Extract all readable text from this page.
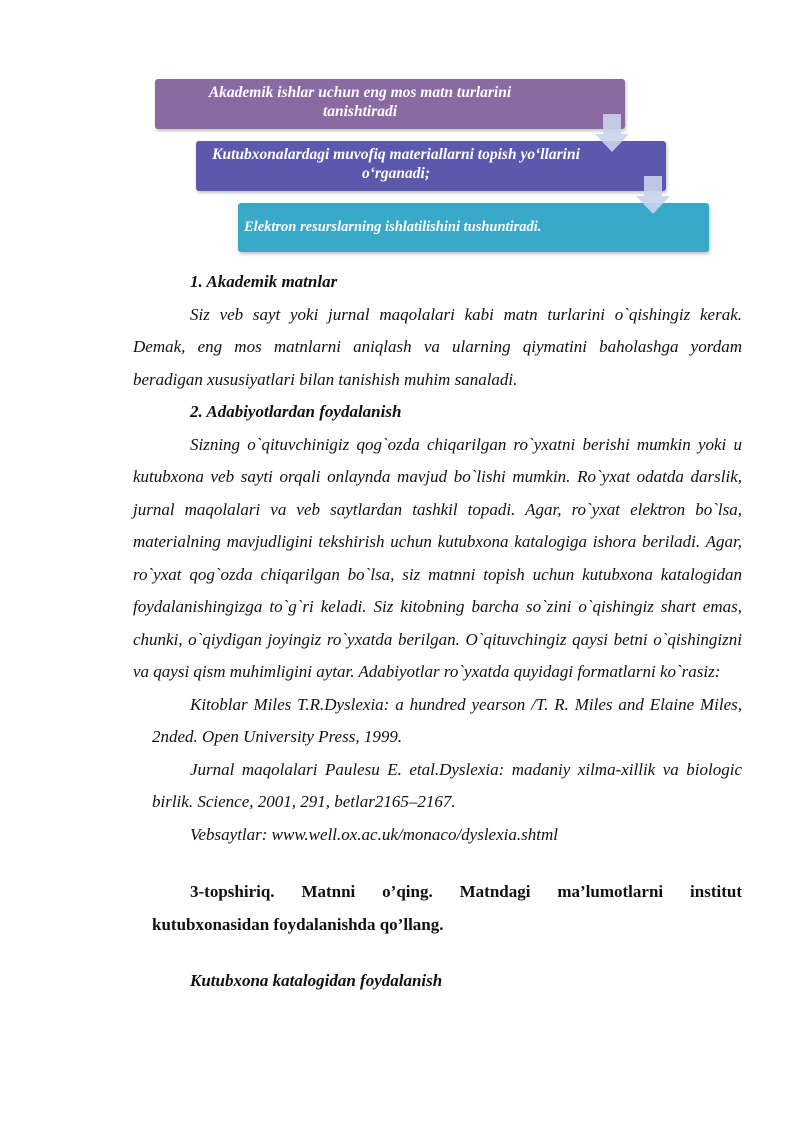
Akademik ishlar uchun eng mos matn turlarini tanishtiradi
Kutubxonalardagi muvofiq materiallarni topish yo‘llarini o‘rganadi;
Elektron resurslarning ishlatilishini tushuntiradi.

1. Akademik matnlar

Siz veb sayt yoki jurnal maqolalari kabi matn turlarini o`qishingiz kerak. Demak, eng mos matnlarni aniqlash va ularning qiymatini baholashga yordam beradigan xususiyatlari bilan tanishish muhim sanaladi.

2. Adabiyotlardan foydalanish

Sizning o`qituvchinigiz qog`ozda chiqarilgan ro`yxatni berishi mumkin yoki u kutubxona veb sayti orqali onlaynda mavjud bo`lishi mumkin. Ro`yxat odatda darslik, jurnal maqolalari va veb saytlardan tashkil topadi. Agar, ro`yxat elektron bo`lsa, materialning mavjudligini tekshirish uchun kutubxona katalogiga ishora beriladi. Agar, ro`yxat qog`ozda chiqarilgan bo`lsa, siz matnni topish uchun kutubxona katalogidan foydalanishingizga to`g`ri keladi. Siz kitobning barcha so`zini o`qishingiz shart emas, chunki, o`qiydigan joyingiz ro`yxatda berilgan. O`qituvchingiz qaysi betni o`qishingizni va qaysi qism muhimligini aytar. Adabiyotlar ro`yxatda quyidagi formatlarni ko`rasiz:

Kitoblar Miles T.R.Dyslexia: a hundred yearson /T. R. Miles and Elaine Miles, 2nded. Open University Press, 1999.

Jurnal maqolalari Paulesu E. etal.Dyslexia: madaniy xilma-xillik va biologic birlik. Science, 2001, 291, betlar2165–2167.

Vebsaytlar: www.well.ox.ac.uk/monaco/dyslexia.shtml

3-topshiriq. Matnni o’qing. Matndagi ma’lumotlarni institut kutubxonasidan foydalanishda qo’llang.

Kutubxona katalogidan foydalanish
